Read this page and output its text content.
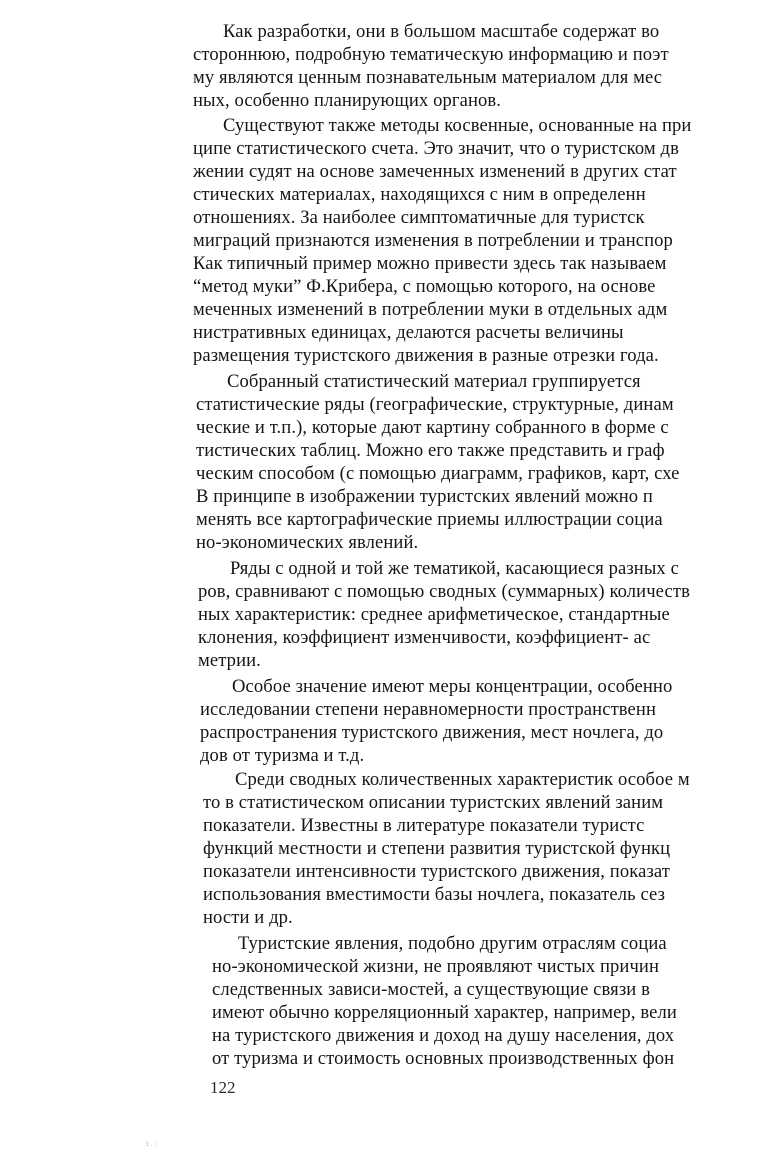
Как разработки, они в большом масштабе содержат во
стороннюю, подробную тематическую информацию и поэт
му являются ценным познавательным материалом для мес
ных, особенно планирующих органов.
Существуют также методы косвенные, основанные на при
ципе статистического счета. Это значит, что о туристском дв
жении судят на основе замеченных изменений в других стат
стических материалах, находящихся с ним в определенн
отношениях. За наиболее симптоматичные для туристск
миграций признаются изменения в потреблении и транспор
Как типичный пример можно привести здесь так называем
“метод муки” Ф.Крибера, с помощью которого, на основе
меченных изменений в потреблении муки в отдельных адм
нистративных единицах, делаются расчеты величины
размещения туристского движения в разные отрезки года.
Собранный статистический материал группируется
статистические ряды (географические, структурные, динам
ческие и т.п.), которые дают картину собранного в форме с
тистических таблиц. Можно его также представить и граф
ческим способом (с помощью диаграмм, графиков, карт, схе
В принципе в изображении туристских явлений можно п
менять все картографические приемы иллюстрации социа
но-экономических явлений.
Ряды с одной и той же тематикой, касающиеся разных с
ров, сравнивают с помощью сводных (суммарных) количеств
ных характеристик: среднее арифметическое, стандартные
клонения, коэффициент изменчивости, коэффициент- ас
метрии.
Особое значение имеют меры концентрации, особенно
исследовании степени неравномерности пространственн
распространения туристского движения, мест ночлега, до
дов от туризма и т.д.
Среди сводных количественных характеристик особое м
то в статистическом описании туристских явлений заним
показатели. Известны в литературе показатели туристс
функций местности и степени развития туристской функц
показатели интенсивности туристского движения, показат
использования вместимости базы ночлега, показатель сез
ности и др.
Туристские явления, подобно другим отраслям социа
но-экономической жизни, не проявляют чистых причин
следственных зависи-мостей, а существующие связи в
имеют обычно корреляционный характер, например, вели
на туристского движения и доход на душу населения, дох
от туризма и стоимость основных производственных фон
122
ı.:
